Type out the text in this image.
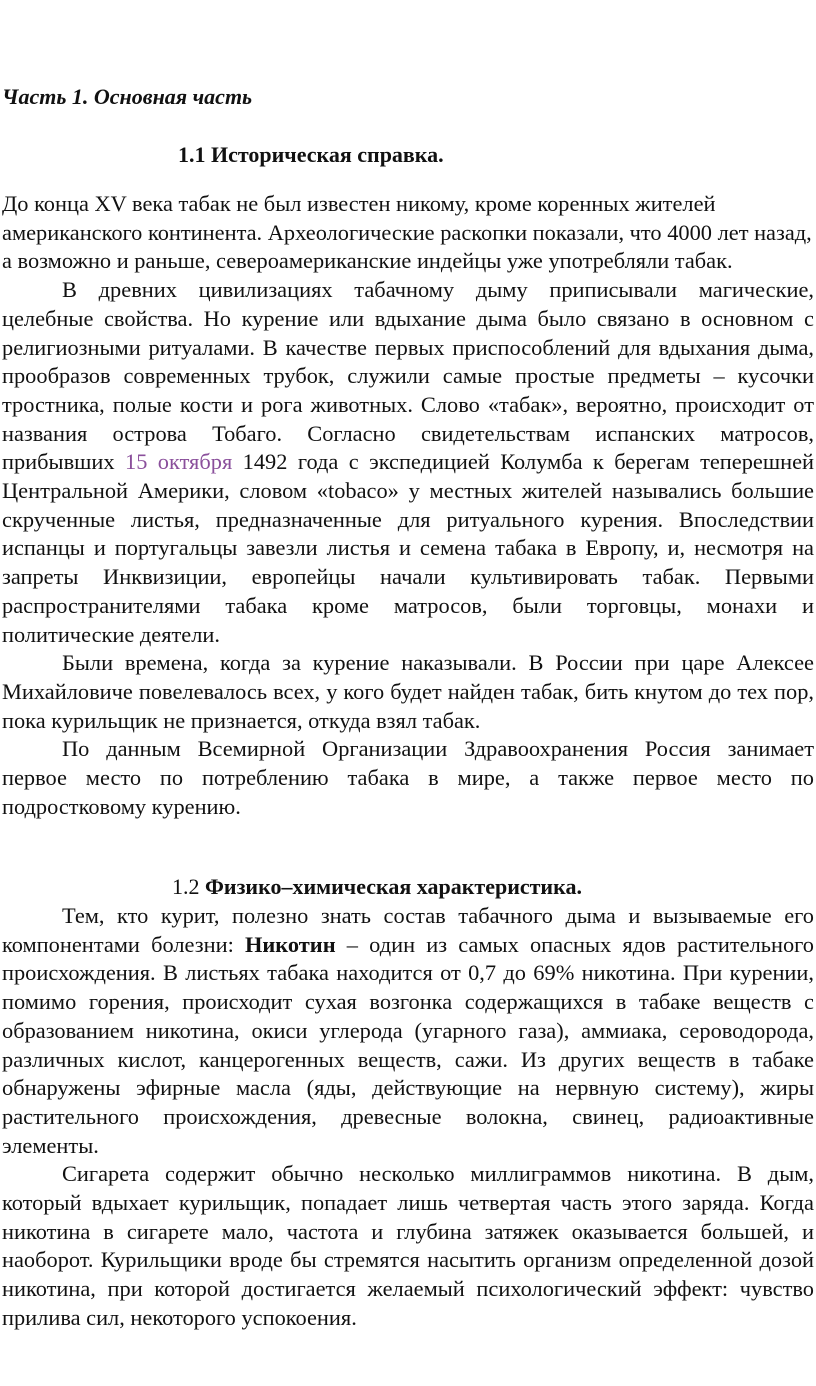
Часть 1. Основная часть
1.1 Историческая справка.

До конца XV века табак не был известен никому, кроме коренных жителей американского континента. Археологические раскопки показали, что 4000 лет назад, а возможно и раньше, североамериканские индейцы уже употребляли табак.

В древних цивилизациях табачному дыму приписывали магические, целебные свойства. Но курение или вдыхание дыма было связано в основном с религиозными ритуалами. В качестве первых приспособлений для вдыхания дыма, прообразов современных трубок, служили самые простые предметы – кусочки тростника, полые кости и рога животных. Слово «табак», вероятно, происходит от названия острова Тобаго. Согласно свидетельствам испанских матросов, прибывших 15 октября 1492 года с экспедицией Колумба к берегам теперешней Центральной Америки, словом «tobaco» у местных жителей назывались большие скрученные листья, предназначенные для ритуального курения. Впоследствии испанцы и португальцы завезли листья и семена табака в Европу, и, несмотря на запреты Инквизиции, европейцы начали культивировать табак. Первыми распространителями табака кроме матросов, были торговцы, монахи и политические деятели.

Были времена, когда за курение наказывали. В России при царе Алексее Михайловиче повелевалось всех, у кого будет найден табак, бить кнутом до тех пор, пока курильщик не признается, откуда взял табак.

По данным Всемирной Организации Здравоохранения Россия занимает первое место по потреблению табака в мире, а также первое место по подростковому курению.

1.2 Физико–химическая характеристика.

Тем, кто курит, полезно знать состав табачного дыма и вызываемые его компонентами болезни: Никотин – один из самых опасных ядов растительного происхождения. В листьях табака находится от 0,7 до 69% никотина. При курении, помимо горения, происходит сухая возгонка содержащихся в табаке веществ с образованием никотина, окиси углерода (угарного газа), аммиака, сероводорода, различных кислот, канцерогенных веществ, сажи. Из других веществ в табаке обнаружены эфирные масла (яды, действующие на нервную систему), жиры растительного происхождения, древесные волокна, свинец, радиоактивные элементы.

Сигарета содержит обычно несколько миллиграммов никотина. В дым, который вдыхает курильщик, попадает лишь четвертая часть этого заряда. Когда никотина в сигарете мало, частота и глубина затяжек оказывается большей, и наоборот. Курильщики вроде бы стремятся насытить организм определенной дозой никотина, при которой достигается желаемый психологический эффект: чувство прилива сил, некоторого успокоения.
